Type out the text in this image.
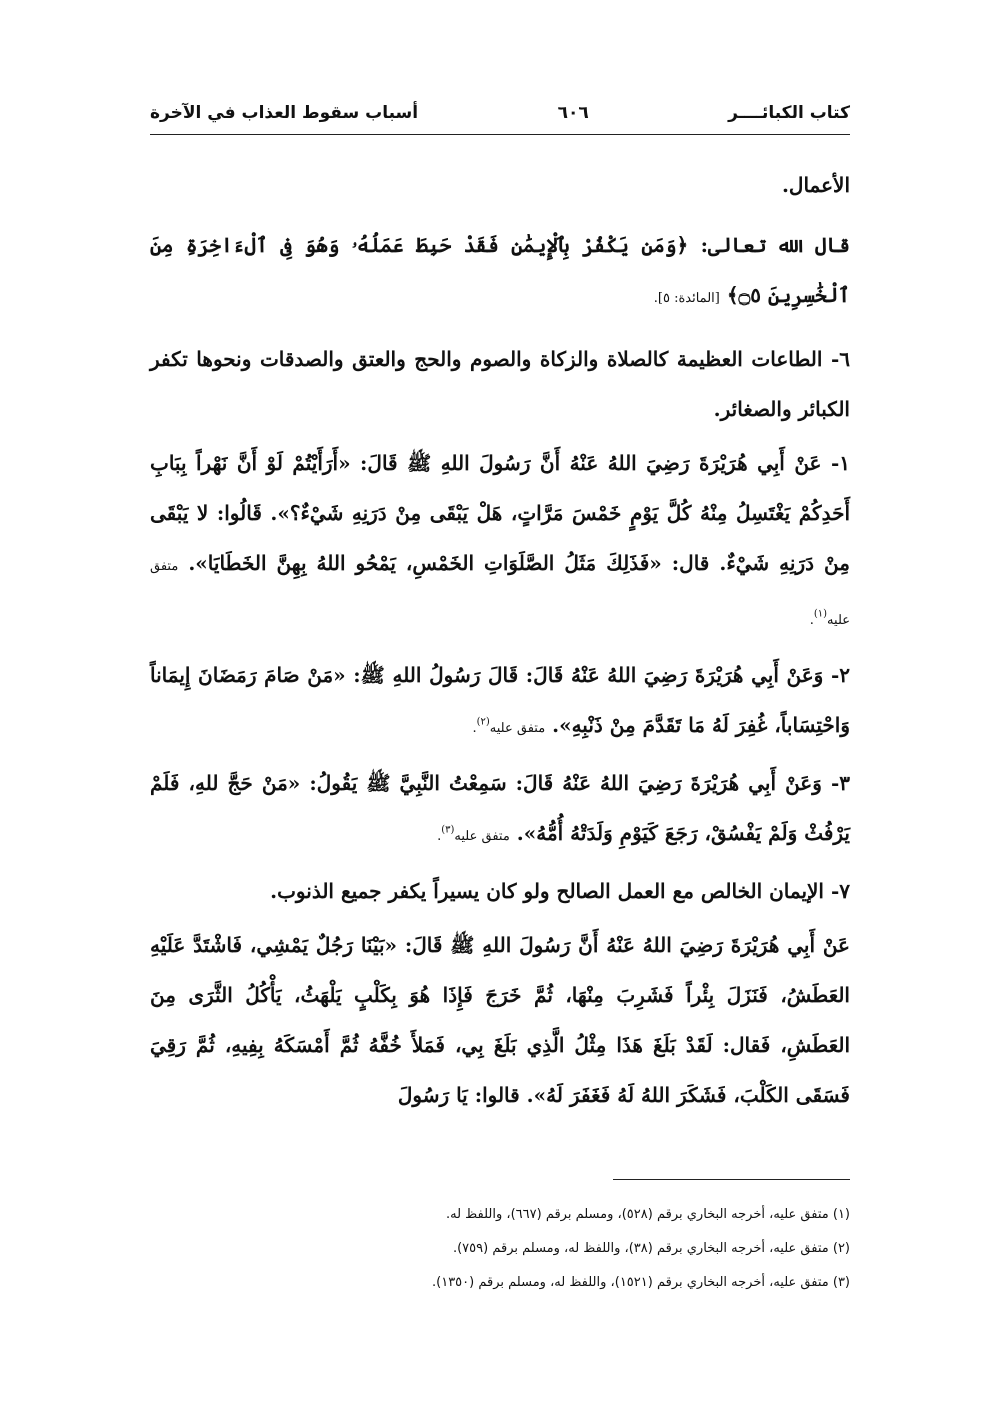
كتاب الكبائــــر
٦٠٦
أسباب سقوط العذاب في الآخرة

الأعمال.

قال الله تعالى: ﴿وَمَن يَكْفُرْ بِٱلْإِيمَٰنِ فَقَدْ حَبِطَ عَمَلُهُۥ وَهُوَ فِى ٱلْءَاخِرَةِ مِنَ ٱلْخَٰسِرِينَ ۝٥﴾ [المائدة: ٥].

٦- الطاعات العظيمة كالصلاة والزكاة والصوم والحج والعتق والصدقات ونحوها تكفر الكبائر والصغائر.

١- عَنْ أَبِي هُرَيْرَةَ رَضِيَ اللهُ عَنْهُ أَنَّ رَسُولَ اللهِ ﷺ قَالَ: «أَرَأَيْتُمْ لَوْ أَنَّ نَهْراً بِبَابِ أَحَدِكُمْ يَغْتَسِلُ مِنْهُ كُلَّ يَوْمٍ خَمْسَ مَرَّاتٍ، هَلْ يَبْقَى مِنْ دَرَنِهِ شَيْءٌ؟». قَالُوا: لا يَبْقَى مِنْ دَرَنِهِ شَيْءٌ. قال: «فَذَلِكَ مَثَلُ الصَّلَوَاتِ الخَمْسِ، يَمْحُو اللهُ بِهِنَّ الخَطَايَا». متفق عليه$^{(١)}$.

٢- وَعَنْ أَبِي هُرَيْرَةَ رَضِيَ اللهُ عَنْهُ قَالَ: قَالَ رَسُولُ اللهِ ﷺ: «مَنْ صَامَ رَمَضَانَ إِيمَاناً وَاحْتِسَاباً، غُفِرَ لَهُ مَا تَقَدَّمَ مِنْ ذَنْبِهِ». متفق عليه$^{(٢)}$.

٣- وَعَنْ أَبِي هُرَيْرَةَ رَضِيَ اللهُ عَنْهُ قَالَ: سَمِعْتُ النَّبِيَّ ﷺ يَقُولُ: «مَنْ حَجَّ للهِ، فَلَمْ يَرْفُثْ وَلَمْ يَفْسُقْ، رَجَعَ كَيَوْمِ وَلَدَتْهُ أُمُّهُ». متفق عليه$^{(٣)}$.

٧- الإيمان الخالص مع العمل الصالح ولو كان يسيراً يكفر جميع الذنوب.

عَنْ أَبِي هُرَيْرَةَ رَضِيَ اللهُ عَنْهُ أَنَّ رَسُولَ اللهِ ﷺ قَالَ: «بَيْنَا رَجُلٌ يَمْشِي، فَاشْتَدَّ عَلَيْهِ العَطَشُ، فَنَزَلَ بِئْراً فَشَرِبَ مِنْهَا، ثُمَّ خَرَجَ فَإِذَا هُوَ بِكَلْبٍ يَلْهَثُ، يَأْكُلُ الثَّرَى مِنَ العَطَشِ، فَقال: لَقَدْ بَلَغَ هَذَا مِثْلُ الَّذِي بَلَغَ بِي، فَمَلأَ خُفَّهُ ثُمَّ أَمْسَكَهُ بِفِيهِ، ثُمَّ رَقِيَ فَسَقَى الكَلْبَ، فَشَكَرَ اللهُ لَهُ فَغَفَرَ لَهُ». قالوا: يَا رَسُولَ

(١) متفق عليه، أخرجه البخاري برقم (٥٢٨)، ومسلم برقم (٦٦٧)، واللفظ له.

(٢) متفق عليه، أخرجه البخاري برقم (٣٨)، واللفظ له، ومسلم برقم (٧٥٩).

(٣) متفق عليه، أخرجه البخاري برقم (١٥٢١)، واللفظ له، ومسلم برقم (١٣٥٠).
